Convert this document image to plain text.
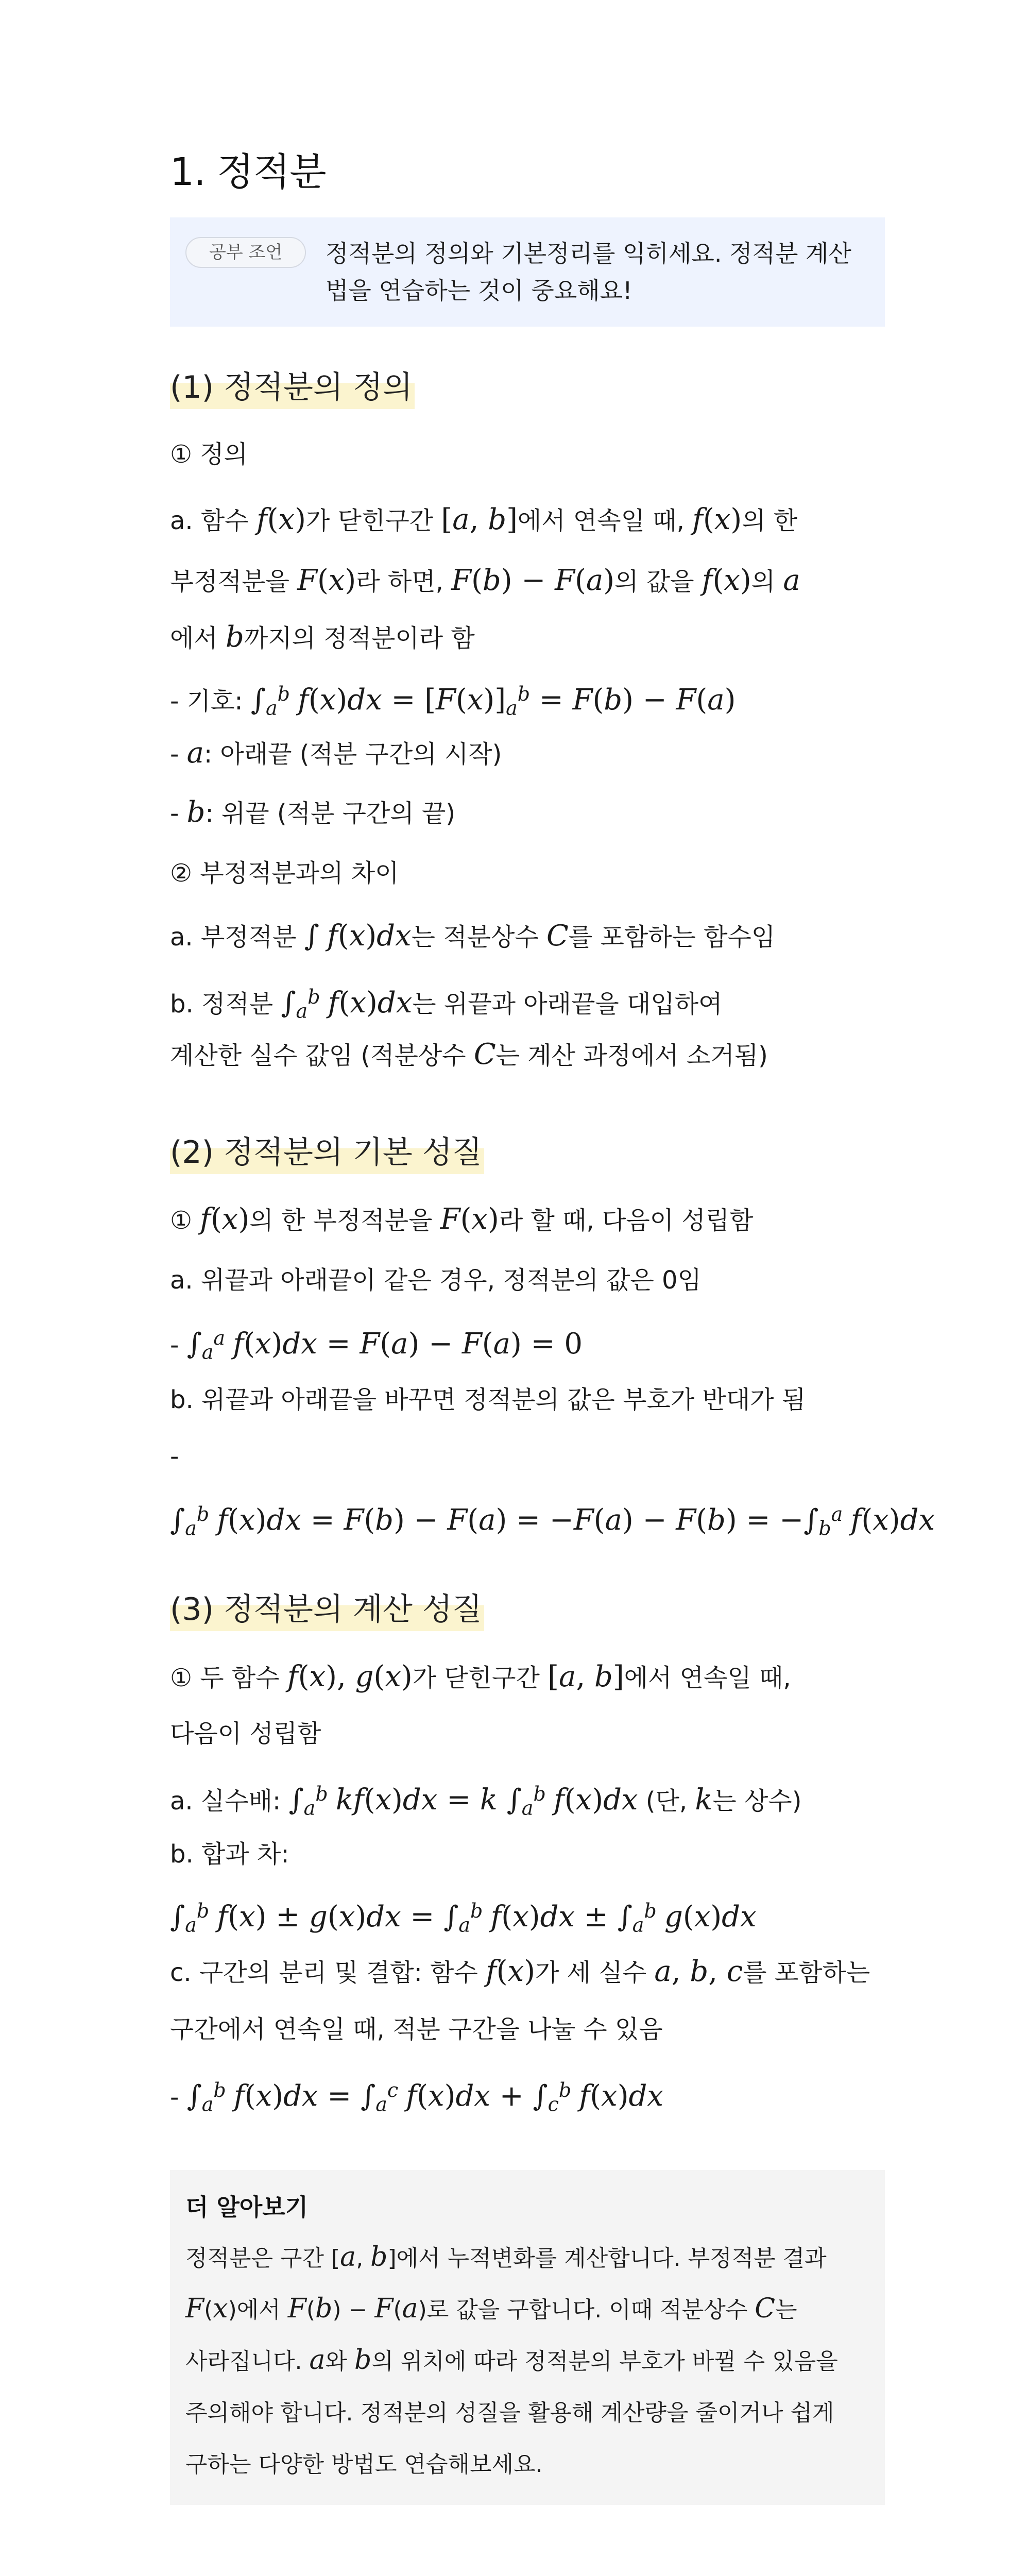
1. 정적분
공부 조언	정적분의 정의와 기본정리를 익히세요. 정적분 계산법을 연습하는 것이 중요해요!
(1) 정적분의 정의
① 정의
a. 함수 f(x)가 닫힌구간 [a, b]에서 연속일 때, f(x)의 한
부정적분을 F(x)라 하면, F(b) − F(a)의 값을 f(x)의 a
에서 b까지의 정적분이라 함
- 기호: $\int_a^b$ $f(x)dx = [F(x)]_a^b = F(b) - F(a)$
- a: 아래끝 (적분 구간의 시작)
- b: 위끝 (적분 구간의 끝)
② 부정적분과의 차이
a. 부정적분 ∫ f(x)dx는 적분상수 C를 포함하는 함수임
b. 정적분 $\int_a^b$ f(x)dx는 위끝과 아래끝을 대입하여
계산한 실수 값임 (적분상수 C는 계산 과정에서 소거됨)
(2) 정적분의 기본 성질
① f(x)의 한 부정적분을 F(x)라 할 때, 다음이 성립함
a. 위끝과 아래끝이 같은 경우, 정적분의 값은 0임
- $\int_a^a$ f(x)dx = F(a) − F(a) = 0
b. 위끝과 아래끝을 바꾸면 정적분의 값은 부호가 반대가 됨
-
$\int_a^b$ $f(x)dx = F(b) - F(a) = -F(a) - F(b) = -\int_b^a$ f(x)dx
(3) 정적분의 계산 성질
① 두 함수 f(x), g(x)가 닫힌구간 [a, b]에서 연속일 때,
다음이 성립함
a. 실수배: $\int_a^b$ kf(x)dx = k $\int_a^b$ f(x)dx (단, k는 상수)
b. 합과 차:
$\int_a^b$ $f(x) \pm g(x)dx = \int_a^b$ $f(x)dx \pm \int_a^b$ g(x)dx
c. 구간의 분리 및 결합: 함수 f(x)가 세 실수 a, b, c를 포함하는
구간에서 연속일 때, 적분 구간을 나눌 수 있음
- $\int_a^b$ $f(x)dx = \int_a^c$ $f(x)dx + \int_c^b$ f(x)dx
더 알아보기
정적분은 구간 [a, b]에서 누적변화를 계산합니다. 부정적분 결과
F(x)에서 F(b) − F(a)로 값을 구합니다. 이때 적분상수 C는
사라집니다. a와 b의 위치에 따라 정적분의 부호가 바뀔 수 있음을
주의해야 합니다. 정적분의 성질을 활용해 계산량을 줄이거나 쉽게
구하는 다양한 방법도 연습해보세요.
